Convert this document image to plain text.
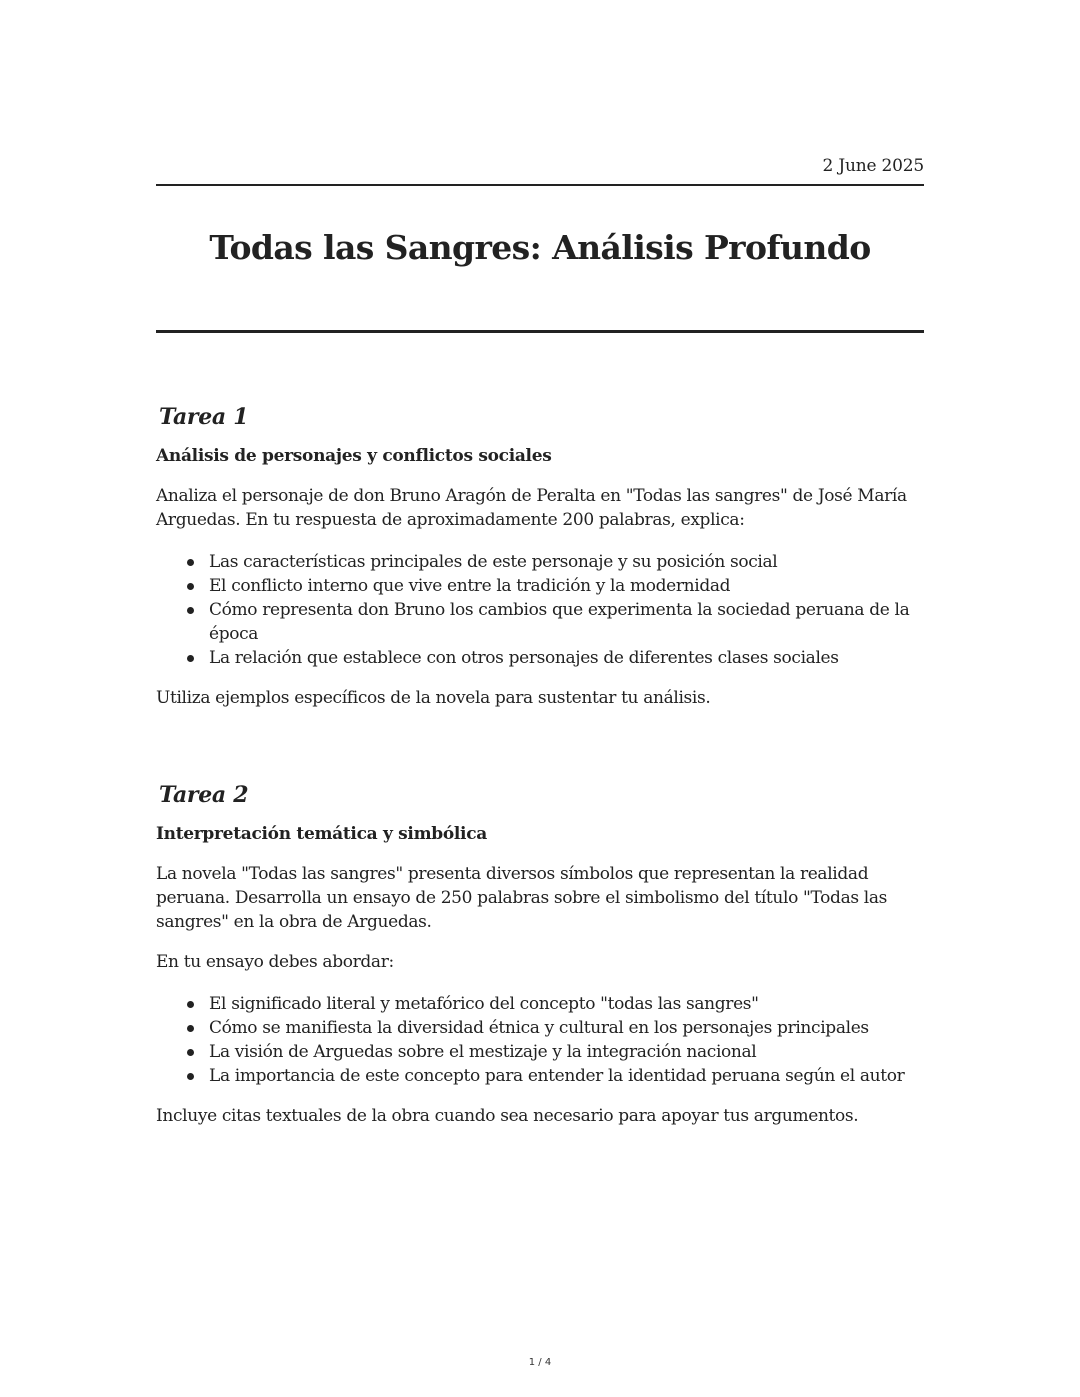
2 June 2025
Todas las Sangres: Análisis Profundo
Tarea 1
Análisis de personajes y conflictos sociales

Analiza el personaje de don Bruno Aragón de Peralta en "Todas las sangres" de José María Arguedas. En tu respuesta de aproximadamente 200 palabras, explica:

Las características principales de este personaje y su posición social
El conflicto interno que vive entre la tradición y la modernidad
Cómo representa don Bruno los cambios que experimenta la sociedad peruana de la época
La relación que establece con otros personajes de diferentes clases sociales

Utiliza ejemplos específicos de la novela para sustentar tu análisis.

Tarea 2
Interpretación temática y simbólica

La novela "Todas las sangres" presenta diversos símbolos que representan la realidad peruana. Desarrolla un ensayo de 250 palabras sobre el simbolismo del título "Todas las sangres" en la obra de Arguedas.

En tu ensayo debes abordar:

El significado literal y metafórico del concepto "todas las sangres"
Cómo se manifiesta la diversidad étnica y cultural en los personajes principales
La visión de Arguedas sobre el mestizaje y la integración nacional
La importancia de este concepto para entender la identidad peruana según el autor

Incluye citas textuales de la obra cuando sea necesario para apoyar tus argumentos.

1 / 4
